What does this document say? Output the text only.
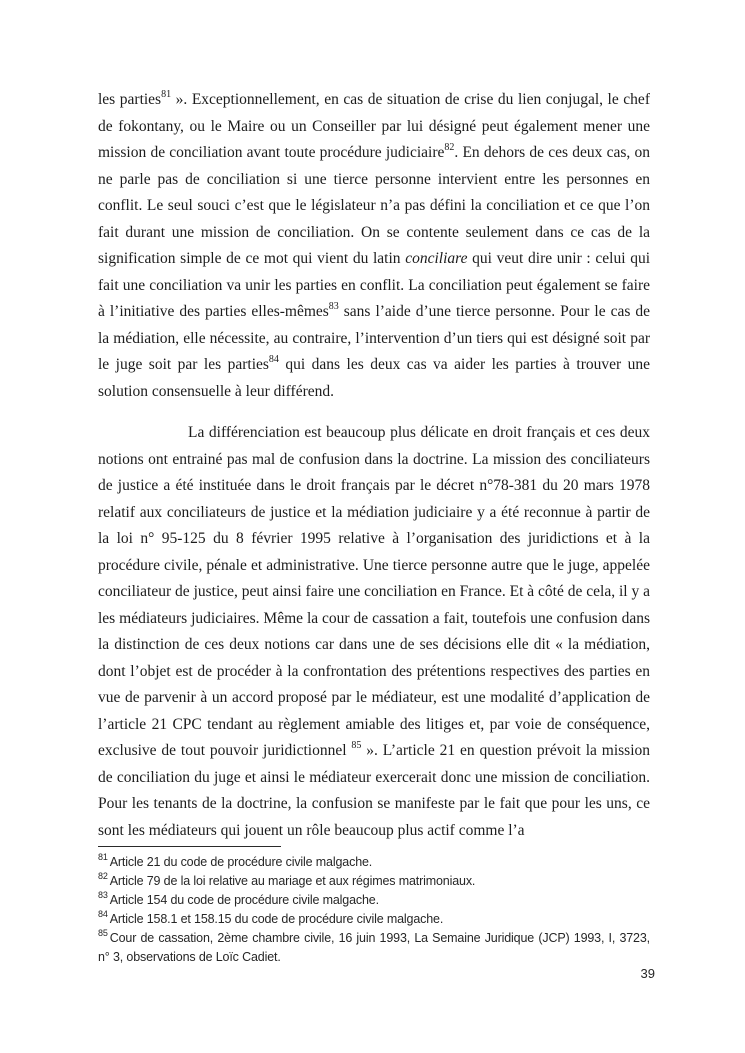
les parties$^{81}$ ». Exceptionnellement, en cas de situation de crise du lien conjugal, le chef de fokontany, ou le Maire ou un Conseiller par lui désigné peut également mener une mission de conciliation avant toute procédure judiciaire$^{82}$. En dehors de ces deux cas, on ne parle pas de conciliation si une tierce personne intervient entre les personnes en conflit. Le seul souci c’est que le législateur n’a pas défini la conciliation et ce que l’on fait durant une mission de conciliation. On se contente seulement dans ce cas de la signification simple de ce mot qui vient du latin conciliare qui veut dire unir : celui qui fait une conciliation va unir les parties en conflit. La conciliation peut également se faire à l’initiative des parties elles-mêmes$^{83}$ sans l’aide d’une tierce personne. Pour le cas de la médiation, elle nécessite, au contraire, l’intervention d’un tiers qui est désigné soit par le juge soit par les parties$^{84}$ qui dans les deux cas va aider les parties à trouver une solution consensuelle à leur différend.

La différenciation est beaucoup plus délicate en droit français et ces deux notions ont entrainé pas mal de confusion dans la doctrine. La mission des conciliateurs de justice a été instituée dans le droit français par le décret n°78-381 du 20 mars 1978 relatif aux conciliateurs de justice et la médiation judiciaire y a été reconnue à partir de la loi n° 95-125 du 8 février 1995 relative à l’organisation des juridictions et à la procédure civile, pénale et administrative. Une tierce personne autre que le juge, appelée conciliateur de justice, peut ainsi faire une conciliation en France. Et à côté de cela, il y a les médiateurs judiciaires. Même la cour de cassation a fait, toutefois une confusion dans la distinction de ces deux notions car dans une de ses décisions elle dit « la médiation, dont l’objet est de procéder à la confrontation des prétentions respectives des parties en vue de parvenir à un accord proposé par le médiateur, est une modalité d’application de l’article 21 CPC tendant au règlement amiable des litiges et, par voie de conséquence, exclusive de tout pouvoir juridictionnel $^{85}$ ». L’article 21 en question prévoit la mission de conciliation du juge et ainsi le médiateur exercerait donc une mission de conciliation. Pour les tenants de la doctrine, la confusion se manifeste par le fait que pour les uns, ce sont les médiateurs qui jouent un rôle beaucoup plus actif comme l’a

$^{81}$ Article 21 du code de procédure civile malgache.
$^{82}$ Article 79 de la loi relative au mariage et aux régimes matrimoniaux.
$^{83}$ Article 154 du code de procédure civile malgache.
$^{84}$ Article 158.1 et 158.15 du code de procédure civile malgache.
$^{85}$ Cour de cassation, 2ème chambre civile, 16 juin 1993, La Semaine Juridique (JCP) 1993, I, 3723, n° 3, observations de Loïc Cadiet.
39
